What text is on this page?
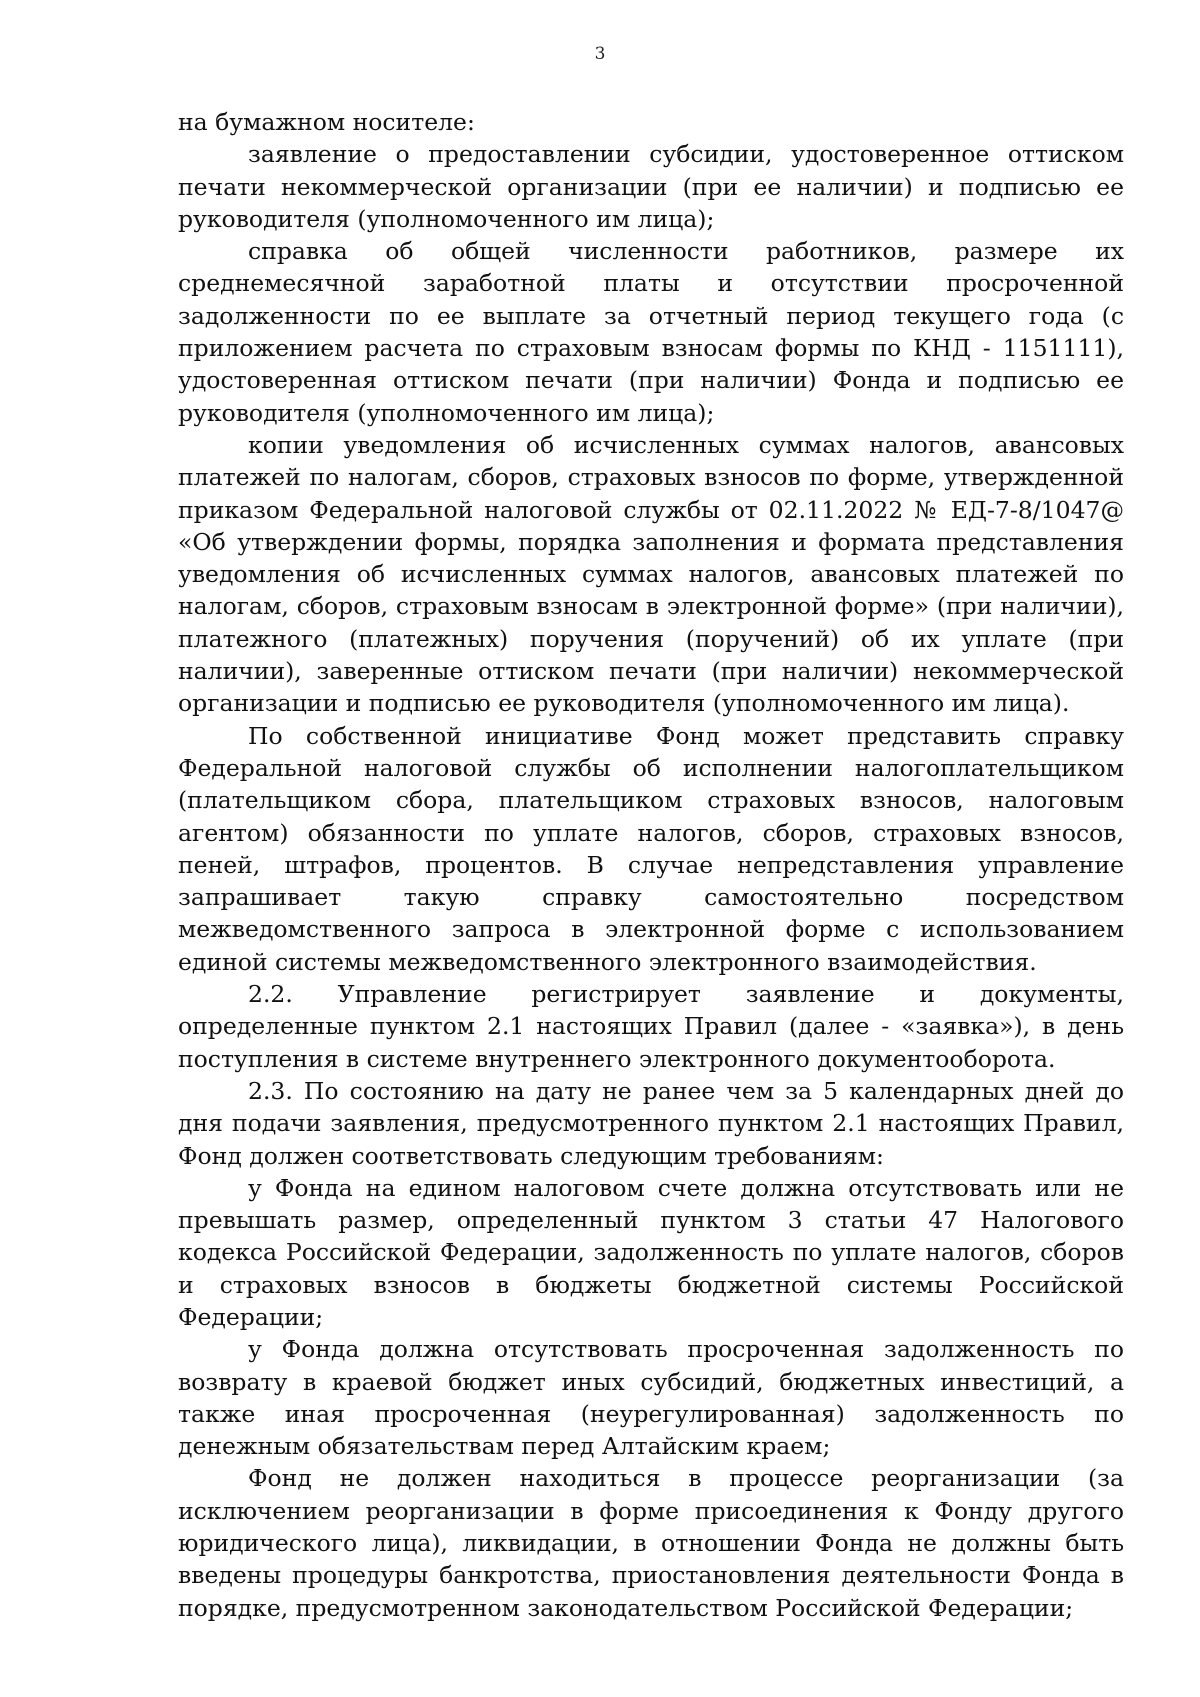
3

на бумажном носителе:

заявление о предоставлении субсидии, удостоверенное оттиском печати некоммерческой организации (при ее наличии) и подписью ее руководителя (уполномоченного им лица);

справка об общей численности работников, размере их среднемесячной заработной платы и отсутствии просроченной задолженности по ее выплате за отчетный период текущего года (с приложением расчета по страховым взносам формы по КНД - 1151111), удостоверенная оттиском печати (при наличии) Фонда и подписью ее руководителя (уполномоченного им лица);

копии уведомления об исчисленных суммах налогов, авансовых платежей по налогам, сборов, страховых взносов по форме, утвержденной приказом Федеральной налоговой службы от 02.11.2022 № ЕД-7-8/1047@ «Об утверждении формы, порядка заполнения и формата представления уведомления об исчисленных суммах налогов, авансовых платежей по налогам, сборов, страховым взносам в электронной форме» (при наличии), платежного (платежных) поручения (поручений) об их уплате (при наличии), заверенные оттиском печати (при наличии) некоммерческой организации и подписью ее руководителя (уполномоченного им лица).

По собственной инициативе Фонд может представить справку Федеральной налоговой службы об исполнении налогоплательщиком (плательщиком сбора, плательщиком страховых взносов, налоговым агентом) обязанности по уплате налогов, сборов, страховых взносов, пеней, штрафов, процентов. В случае непредставления управление запрашивает такую справку самостоятельно посредством межведомственного запроса в электронной форме с использованием единой системы межведомственного электронного взаимодействия.

2.2. Управление регистрирует заявление и документы, определенные пунктом 2.1 настоящих Правил (далее - «заявка»), в день поступления в системе внутреннего электронного документооборота.

2.3. По состоянию на дату не ранее чем за 5 календарных дней до дня подачи заявления, предусмотренного пунктом 2.1 настоящих Правил, Фонд должен соответствовать следующим требованиям:

у Фонда на едином налоговом счете должна отсутствовать или не превышать размер, определенный пунктом 3 статьи 47 Налогового кодекса Российской Федерации, задолженность по уплате налогов, сборов и страховых взносов в бюджеты бюджетной системы Российской Федерации;

у Фонда должна отсутствовать просроченная задолженность по возврату в краевой бюджет иных субсидий, бюджетных инвестиций, а также иная просроченная (неурегулированная) задолженность по денежным обязательствам перед Алтайским краем;

Фонд не должен находиться в процессе реорганизации (за исключением реорганизации в форме присоединения к Фонду другого юридического лица), ликвидации, в отношении Фонда не должны быть введены процедуры банкротства, приостановления деятельности Фонда в порядке, предусмотренном законодательством Российской Федерации;
